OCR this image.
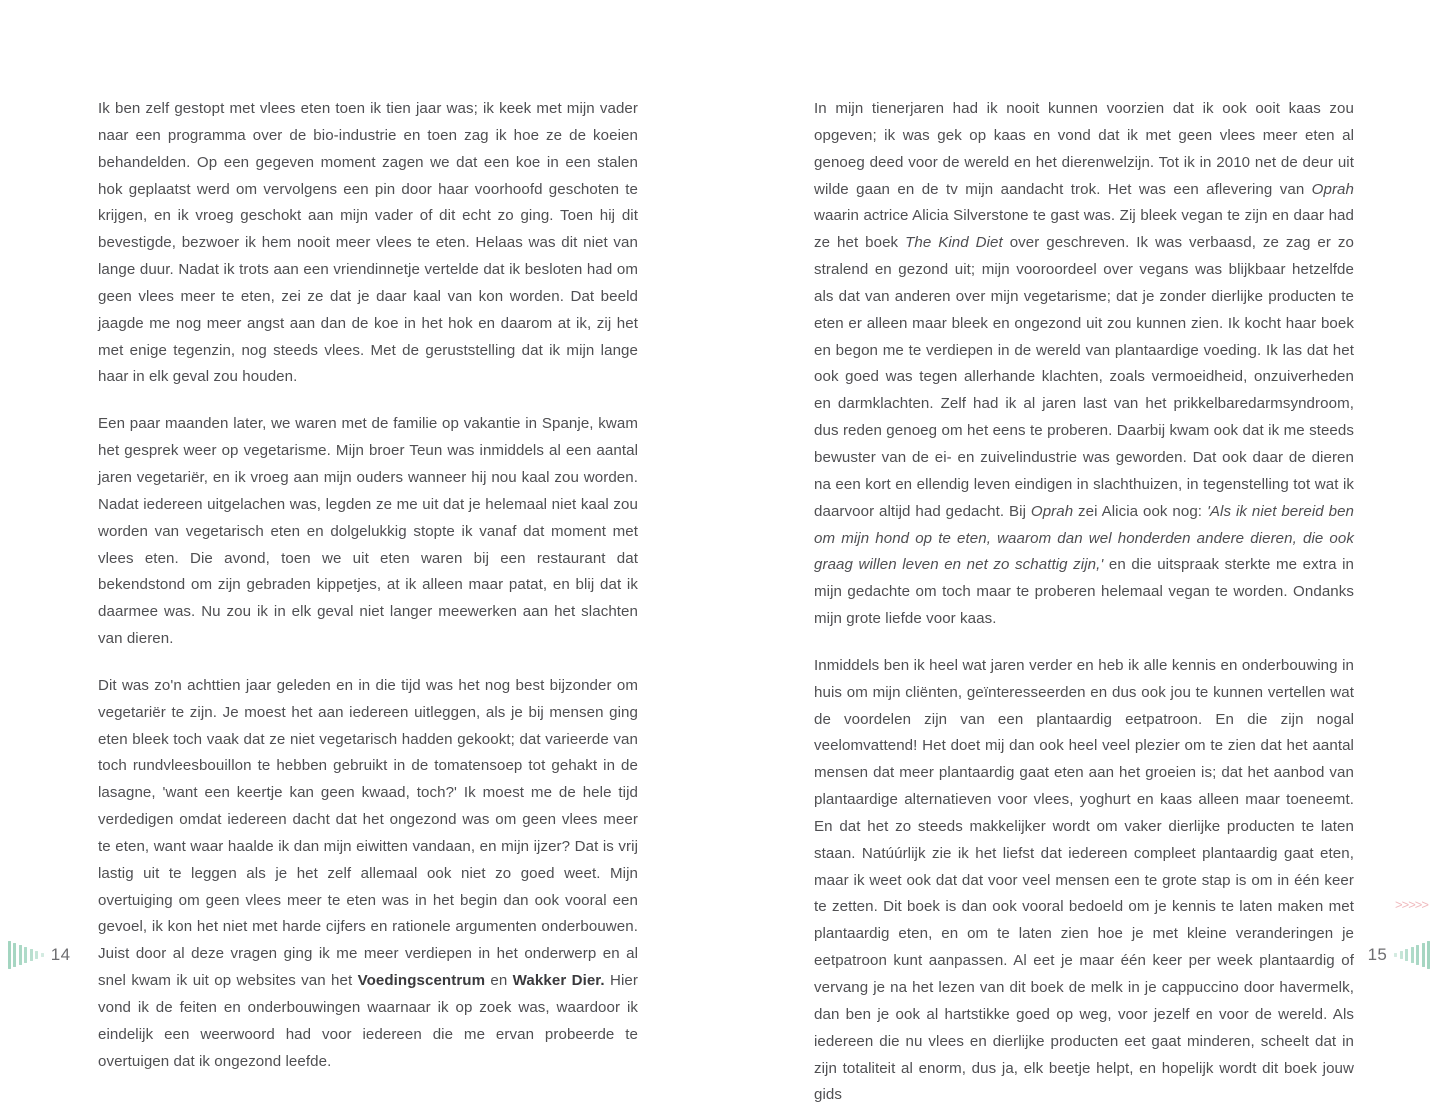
Ik ben zelf gestopt met vlees eten toen ik tien jaar was; ik keek met mijn vader naar een programma over de bio-industrie en toen zag ik hoe ze de koeien behandelden. Op een gegeven moment zagen we dat een koe in een stalen hok geplaatst werd om vervolgens een pin door haar voorhoofd geschoten te krijgen, en ik vroeg geschokt aan mijn vader of dit echt zo ging. Toen hij dit bevestigde, bezwoer ik hem nooit meer vlees te eten. Helaas was dit niet van lange duur. Nadat ik trots aan een vriendinnetje vertelde dat ik besloten had om geen vlees meer te eten, zei ze dat je daar kaal van kon worden. Dat beeld jaagde me nog meer angst aan dan de koe in het hok en daarom at ik, zij het met enige tegenzin, nog steeds vlees. Met de geruststelling dat ik mijn lange haar in elk geval zou houden.

Een paar maanden later, we waren met de familie op vakantie in Spanje, kwam het gesprek weer op vegetarisme. Mijn broer Teun was inmiddels al een aantal jaren vegetariër, en ik vroeg aan mijn ouders wanneer hij nou kaal zou worden. Nadat iedereen uitgelachen was, legden ze me uit dat je helemaal niet kaal zou worden van vegetarisch eten en dolgelukkig stopte ik vanaf dat moment met vlees eten. Die avond, toen we uit eten waren bij een restaurant dat bekendstond om zijn gebraden kippetjes, at ik alleen maar patat, en blij dat ik daarmee was. Nu zou ik in elk geval niet langer meewerken aan het slachten van dieren.

Dit was zo'n achttien jaar geleden en in die tijd was het nog best bijzonder om vegetariër te zijn. Je moest het aan iedereen uitleggen, als je bij mensen ging eten bleek toch vaak dat ze niet vegetarisch hadden gekookt; dat varieerde van toch rundvleesbouillon te hebben gebruikt in de tomatensoep tot gehakt in de lasagne, 'want een keertje kan geen kwaad, toch?' Ik moest me de hele tijd verdedigen omdat iedereen dacht dat het ongezond was om geen vlees meer te eten, want waar haalde ik dan mijn eiwitten vandaan, en mijn ijzer? Dat is vrij lastig uit te leggen als je het zelf allemaal ook niet zo goed weet. Mijn overtuiging om geen vlees meer te eten was in het begin dan ook vooral een gevoel, ik kon het niet met harde cijfers en rationele argumenten onderbouwen. Juist door al deze vragen ging ik me meer verdiepen in het onderwerp en al snel kwam ik uit op websites van het Voedingscentrum en Wakker Dier. Hier vond ik de feiten en onderbouwingen waarnaar ik op zoek was, waardoor ik eindelijk een weerwoord had voor iedereen die me ervan probeerde te overtuigen dat ik ongezond leefde.

14

In mijn tienerjaren had ik nooit kunnen voorzien dat ik ook ooit kaas zou opgeven; ik was gek op kaas en vond dat ik met geen vlees meer eten al genoeg deed voor de wereld en het dierenwelzijn. Tot ik in 2010 net de deur uit wilde gaan en de tv mijn aandacht trok. Het was een aflevering van Oprah waarin actrice Alicia Silverstone te gast was. Zij bleek vegan te zijn en daar had ze het boek The Kind Diet over geschreven. Ik was verbaasd, ze zag er zo stralend en gezond uit; mijn vooroordeel over vegans was blijkbaar hetzelfde als dat van anderen over mijn vegetarisme; dat je zonder dierlijke producten te eten er alleen maar bleek en ongezond uit zou kunnen zien. Ik kocht haar boek en begon me te verdiepen in de wereld van plantaardige voeding. Ik las dat het ook goed was tegen allerhande klachten, zoals vermoeidheid, onzuiverheden en darmklachten. Zelf had ik al jaren last van het prikkelbaredarmsyndroom, dus reden genoeg om het eens te proberen. Daarbij kwam ook dat ik me steeds bewuster van de ei- en zuivelindustrie was geworden. Dat ook daar de dieren na een kort en ellendig leven eindigen in slachthuizen, in tegenstelling tot wat ik daarvoor altijd had gedacht. Bij Oprah zei Alicia ook nog: 'Als ik niet bereid ben om mijn hond op te eten, waarom dan wel honderden andere dieren, die ook graag willen leven en net zo schattig zijn,' en die uitspraak sterkte me extra in mijn gedachte om toch maar te proberen helemaal vegan te worden. Ondanks mijn grote liefde voor kaas.

Inmiddels ben ik heel wat jaren verder en heb ik alle kennis en onderbouwing in huis om mijn cliënten, geïnteresseerden en dus ook jou te kunnen vertellen wat de voordelen zijn van een plantaardig eetpatroon. En die zijn nogal veelomvattend! Het doet mij dan ook heel veel plezier om te zien dat het aantal mensen dat meer plantaardig gaat eten aan het groeien is; dat het aanbod van plantaardige alternatieven voor vlees, yoghurt en kaas alleen maar toeneemt. En dat het zo steeds makkelijker wordt om vaker dierlijke producten te laten staan. Natúúrlijk zie ik het liefst dat iedereen compleet plantaardig gaat eten, maar ik weet ook dat dat voor veel mensen een te grote stap is om in één keer te zetten. Dit boek is dan ook vooral bedoeld om je kennis te laten maken met plantaardig eten, en om te laten zien hoe je met kleine veranderingen je eetpatroon kunt aanpassen. Al eet je maar één keer per week plantaardig of vervang je na het lezen van dit boek de melk in je cappuccino door havermelk, dan ben je ook al hartstikke goed op weg, voor jezelf en voor de wereld. Als iedereen die nu vlees en dierlijke producten eet gaat minderen, scheelt dat in zijn totaliteit al enorm, dus ja, elk beetje helpt, en hopelijk wordt dit boek jouw gids

>>>>>
15
